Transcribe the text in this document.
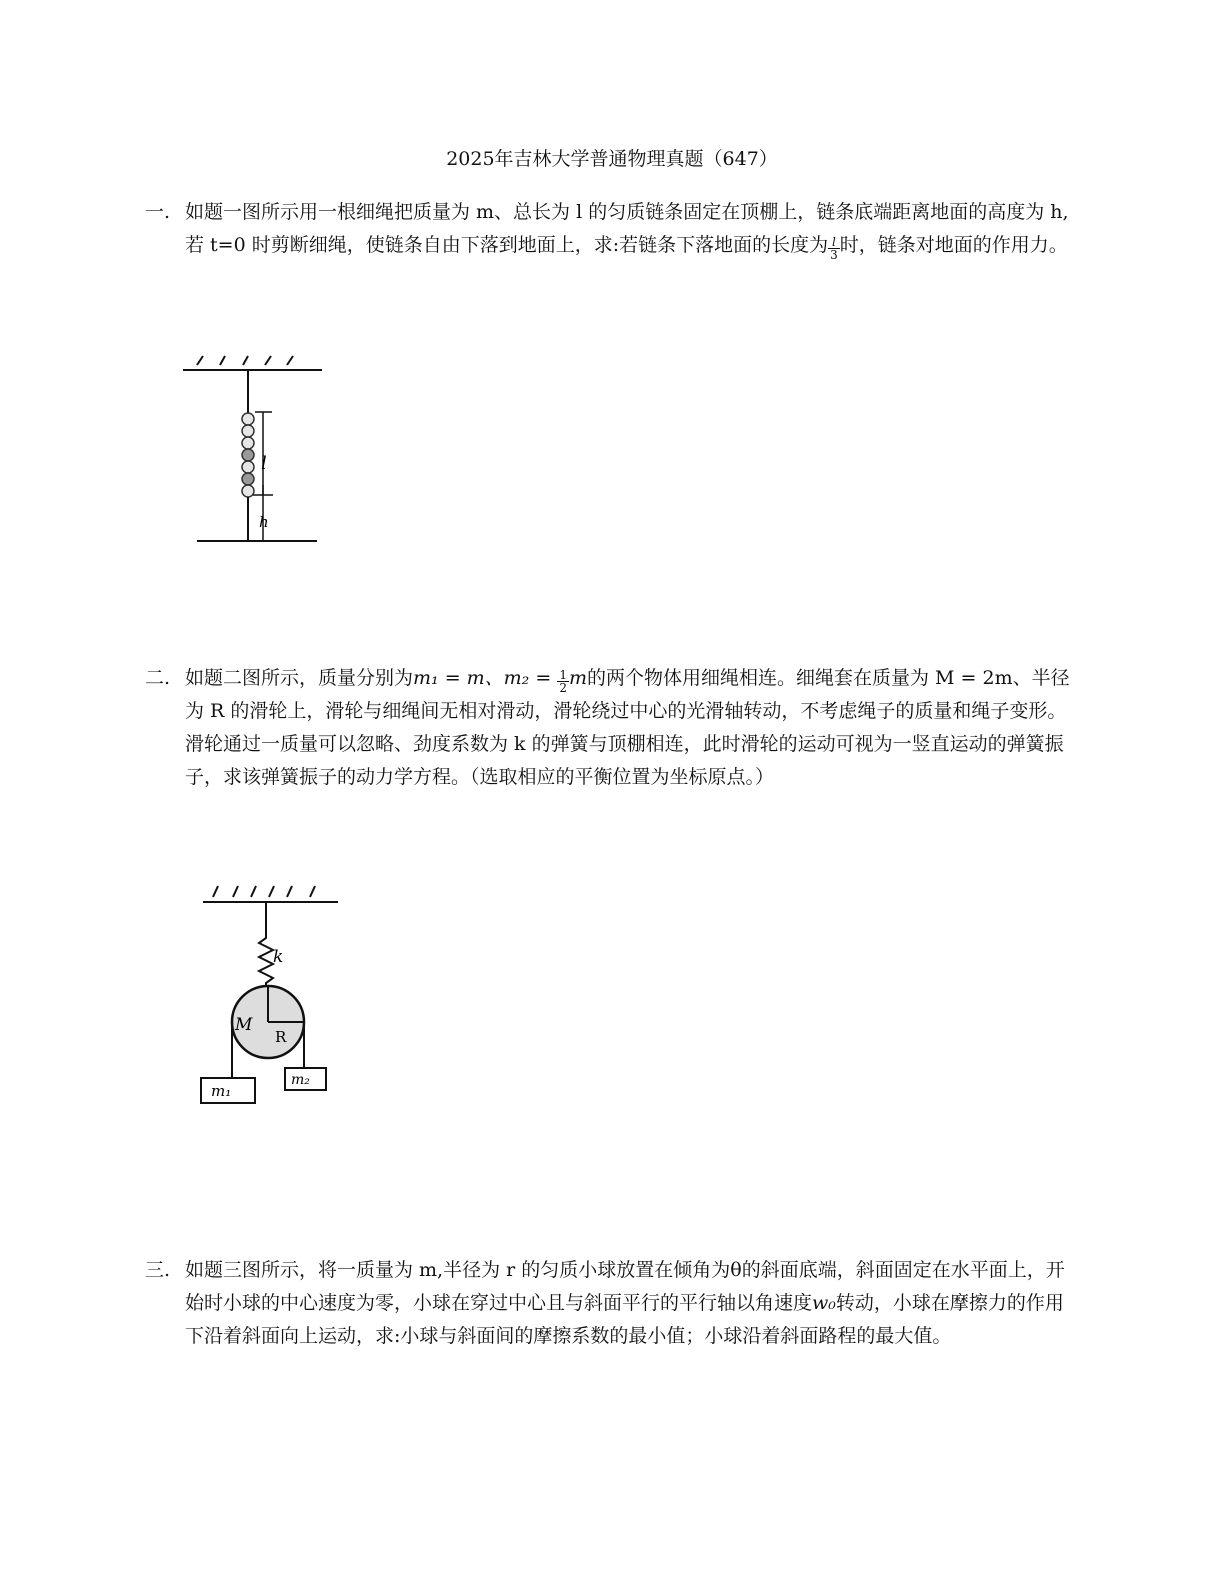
2025年吉林大学普通物理真题（647）
一. 如题一图所示用一根细绳把质量为 m、总长为 l 的匀质链条固定在顶棚上，链条底端距离地面的高度为 h,若 t=0 时剪断细绳，使链条自由下落到地面上，求:若链条下落地面的长度为 $\frac{l}{3}$ 时，链条对地面的作用力。
l
h
二. 如题二图所示，质量分别为m₁ = m、$m_2 = \frac{1}{2}$ m的两个物体用细绳相连。细绳套在质量为 M = 2m、半径为 R 的滑轮上，滑轮与细绳间无相对滑动，滑轮绕过中心的光滑轴转动，不考虑绳子的质量和绳子变形。滑轮通过一质量可以忽略、劲度系数为 k 的弹簧与顶棚相连，此时滑轮的运动可视为一竖直运动的弹簧振子，求该弹簧振子的动力学方程。（选取相应的平衡位置为坐标原点。）
k
M
R
m₁
m₂
三. 如题三图所示，将一质量为 m,半径为 r 的匀质小球放置在倾角为θ的斜面底端，斜面固定在水平面上，开始时小球的中心速度为零，小球在穿过中心且与斜面平行的平行轴以角速度w₀转动，小球在摩擦力的作用下沿着斜面向上运动，求:小球与斜面间的摩擦系数的最小值；小球沿着斜面路程的最大值。
